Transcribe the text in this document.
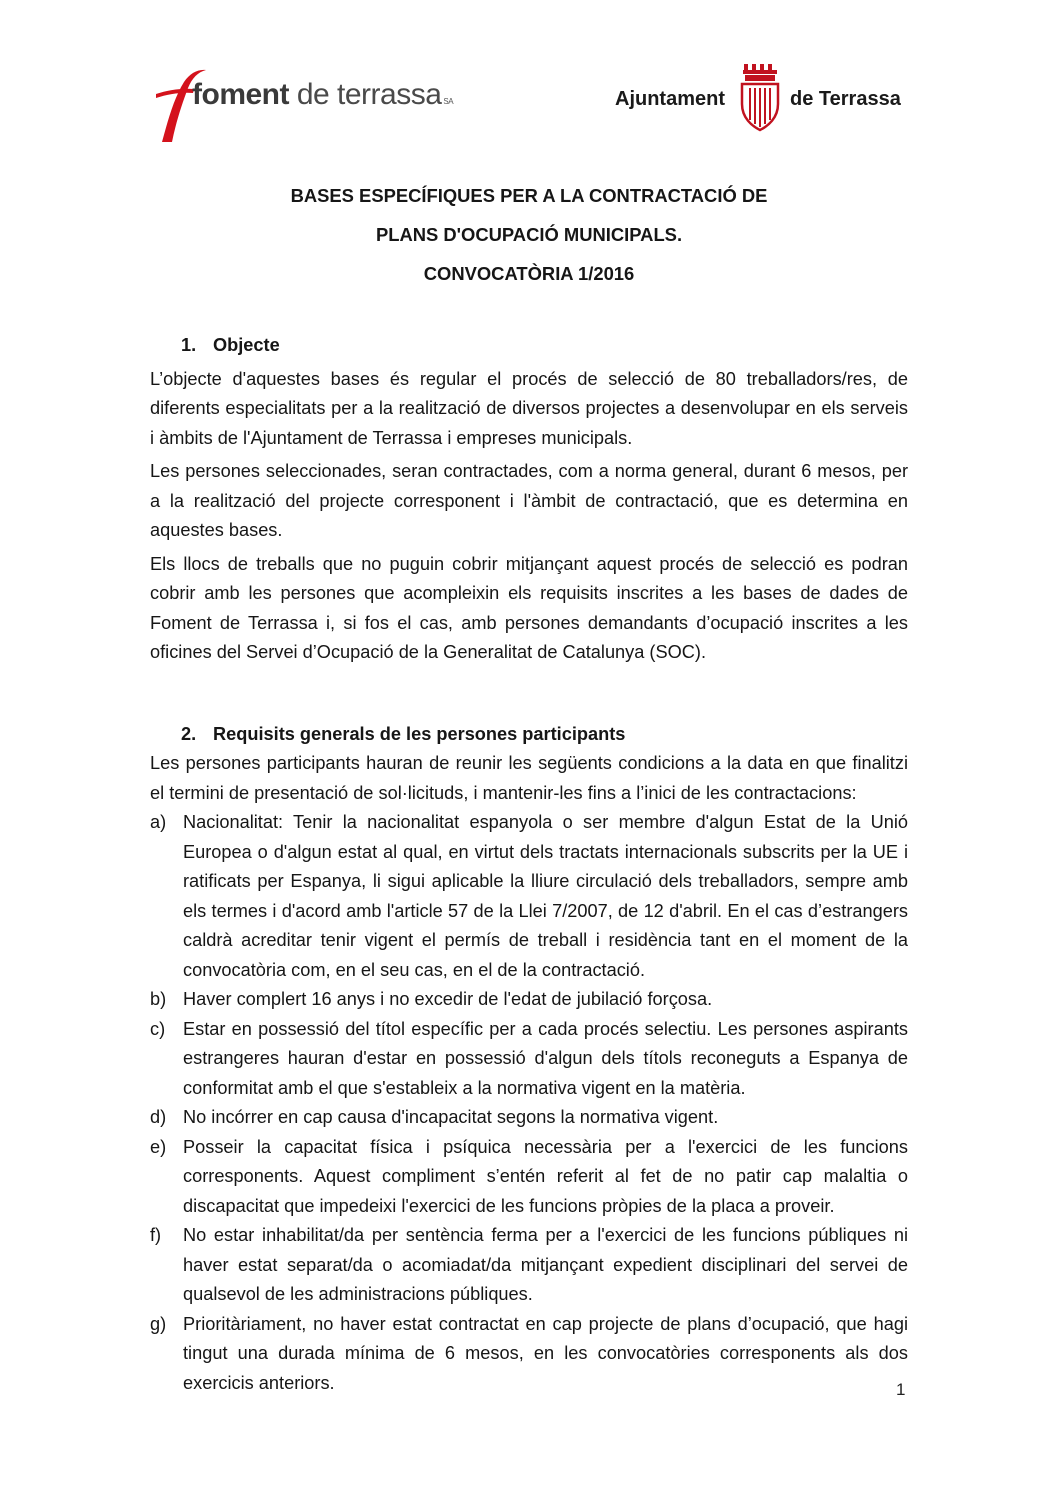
foment de terrassa SA	Ajuntament	de Terrassa

BASES ESPECÍFIQUES PER A LA CONTRACTACIÓ DE

PLANS D'OCUPACIÓ MUNICIPALS.

CONVOCATÒRIA 1/2016

1. Objecte

L’objecte d'aquestes bases és regular el procés de selecció de 80 treballadors/res, de diferents especialitats per a la realització de diversos projectes a desenvolupar en els serveis i àmbits de l'Ajuntament de Terrassa i empreses municipals.

Les persones seleccionades, seran contractades, com a norma general, durant 6 mesos, per a la realització del projecte corresponent i l'àmbit de contractació, que es determina en aquestes bases.

Els llocs de treballs que no puguin cobrir mitjançant aquest procés de selecció es podran cobrir amb les persones que acompleixin els requisits inscrites a les bases de dades de Foment de Terrassa i, si fos el cas, amb persones demandants d’ocupació inscrites a les oficines del Servei d’Ocupació de la Generalitat de Catalunya (SOC).

2. Requisits generals de les persones participants

Les persones participants hauran de reunir les següents condicions a la data en que finalitzi el termini de presentació de sol·licituds, i mantenir-les fins a l’inici de les contractacions:

a) Nacionalitat: Tenir la nacionalitat espanyola o ser membre d'algun Estat de la Unió Europea o d'algun estat al qual, en virtut dels tractats internacionals subscrits per la UE i ratificats per Espanya, li sigui aplicable la lliure circulació dels treballadors, sempre amb els termes i d'acord amb l'article 57 de la Llei 7/2007, de 12 d'abril. En el cas d’estrangers caldrà acreditar tenir vigent el permís de treball i residència tant en el moment de la convocatòria com, en el seu cas, en el de la contractació.
b) Haver complert 16 anys i no excedir de l'edat de jubilació forçosa.
c) Estar en possessió del títol específic per a cada procés selectiu. Les persones aspirants estrangeres hauran d'estar en possessió d'algun dels títols reconeguts a Espanya de conformitat amb el que s'estableix a la normativa vigent en la matèria.
d) No incórrer en cap causa d'incapacitat segons la normativa vigent.
e) Posseir la capacitat física i psíquica necessària per a l'exercici de les funcions corresponents. Aquest compliment s’entén referit al fet de no patir cap malaltia o discapacitat que impedeixi l'exercici de les funcions pròpies de la placa a proveir.
f) No estar inhabilitat/da per sentència ferma per a l'exercici de les funcions públiques ni haver estat separat/da o acomiadat/da mitjançant expedient disciplinari del servei de qualsevol de les administracions públiques.
g) Prioritàriament, no haver estat contractat en cap projecte de plans d’ocupació, que hagi tingut una durada mínima de 6 mesos, en les convocatòries corresponents als dos exercicis anteriors.	1
